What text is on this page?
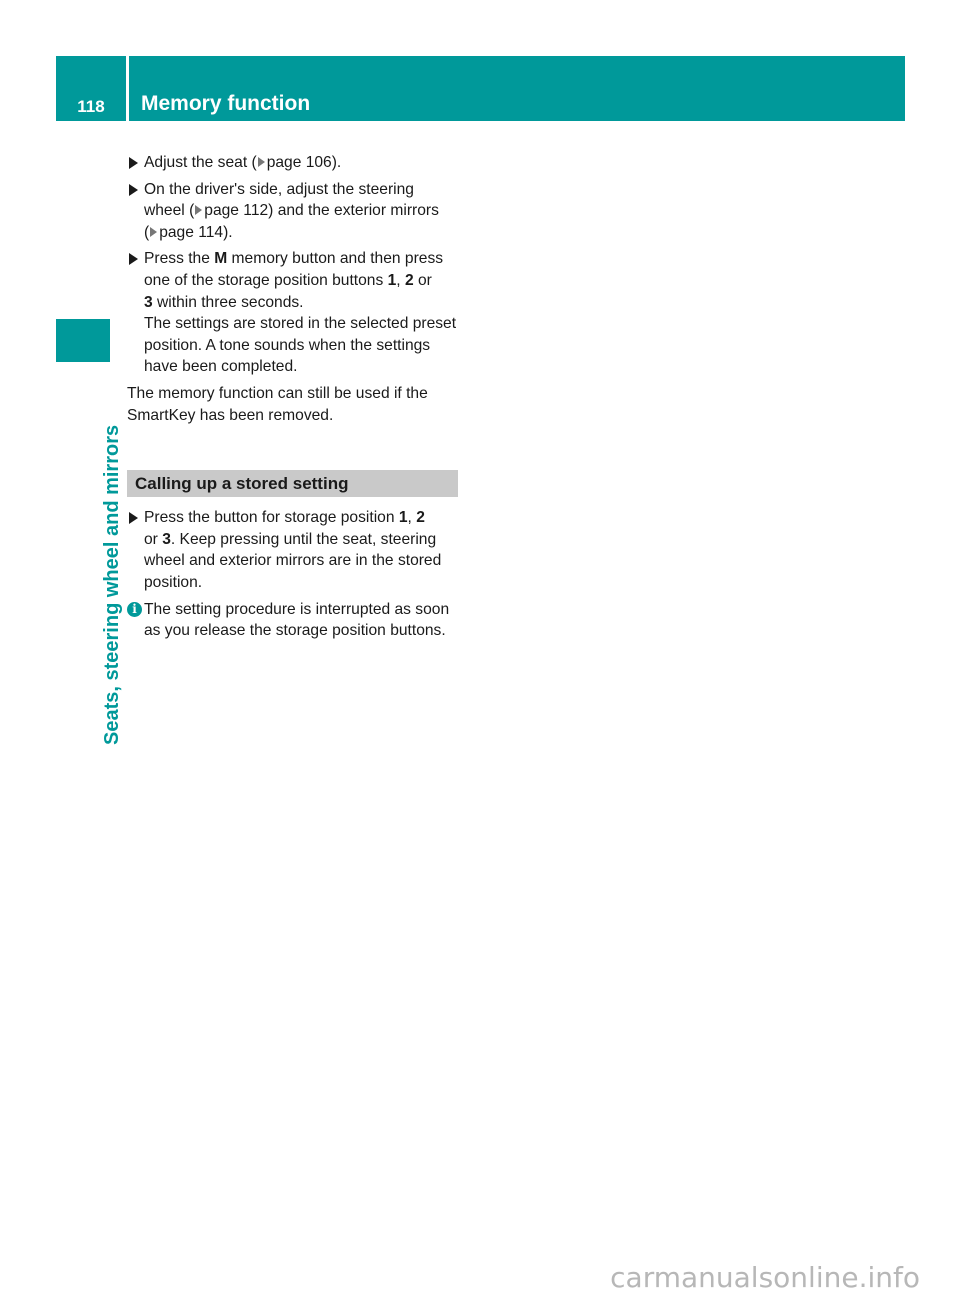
118	Memory function
Seats, steering wheel and mirrors
Adjust the seat ( page 106).
On the driver's side, adjust the steering
wheel ( page 112) and the exterior mirrors
( page 114).
Press the M memory button and then press
one of the storage position buttons 1, 2 or
3 within three seconds.
The settings are stored in the selected preset position. A tone sounds when the settings have been completed.
The memory function can still be used if the SmartKey has been removed.
Calling up a stored setting
Press the button for storage position 1, 2
or 3. Keep pressing until the seat, steering wheel and exterior mirrors are in the stored position.
i The setting procedure is interrupted as soon as you release the storage position buttons.
carmanualsonline.info
